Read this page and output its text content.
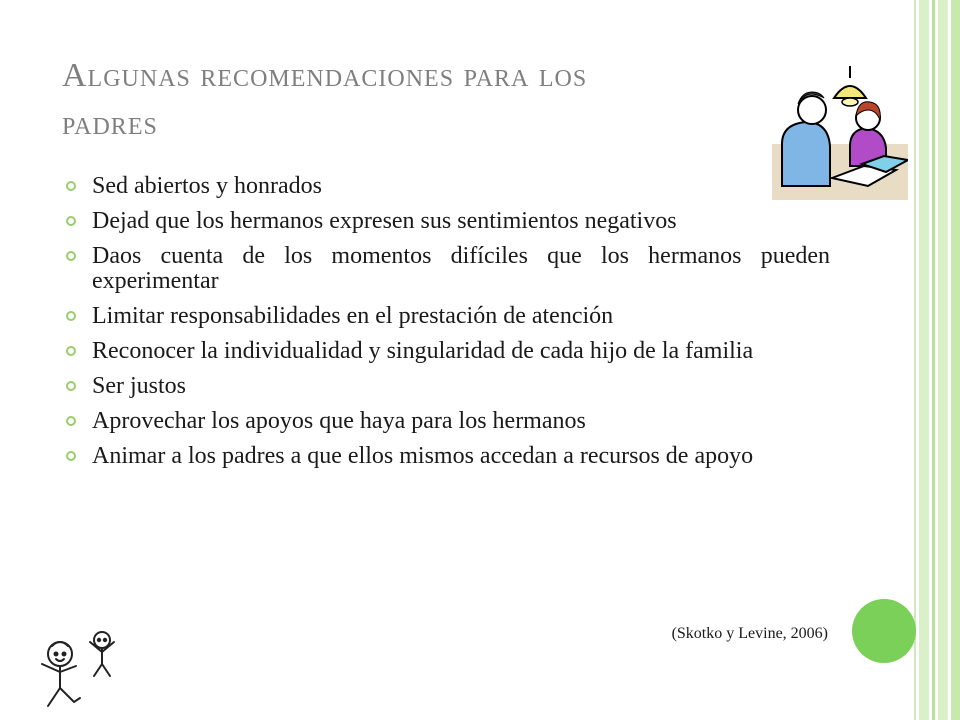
Algunas recomendaciones para los
padres
Sed abiertos y honrados
Dejad que los hermanos expresen sus sentimientos negativos
Daos cuenta de los momentos difíciles que los hermanos pueden experimentar
Limitar responsabilidades en el prestación de atención
Reconocer la individualidad y singularidad de cada hijo de la familia
Ser justos
Aprovechar los apoyos que haya para los hermanos
Animar a los padres a que ellos mismos accedan a recursos de apoyo
(Skotko y Levine, 2006)
